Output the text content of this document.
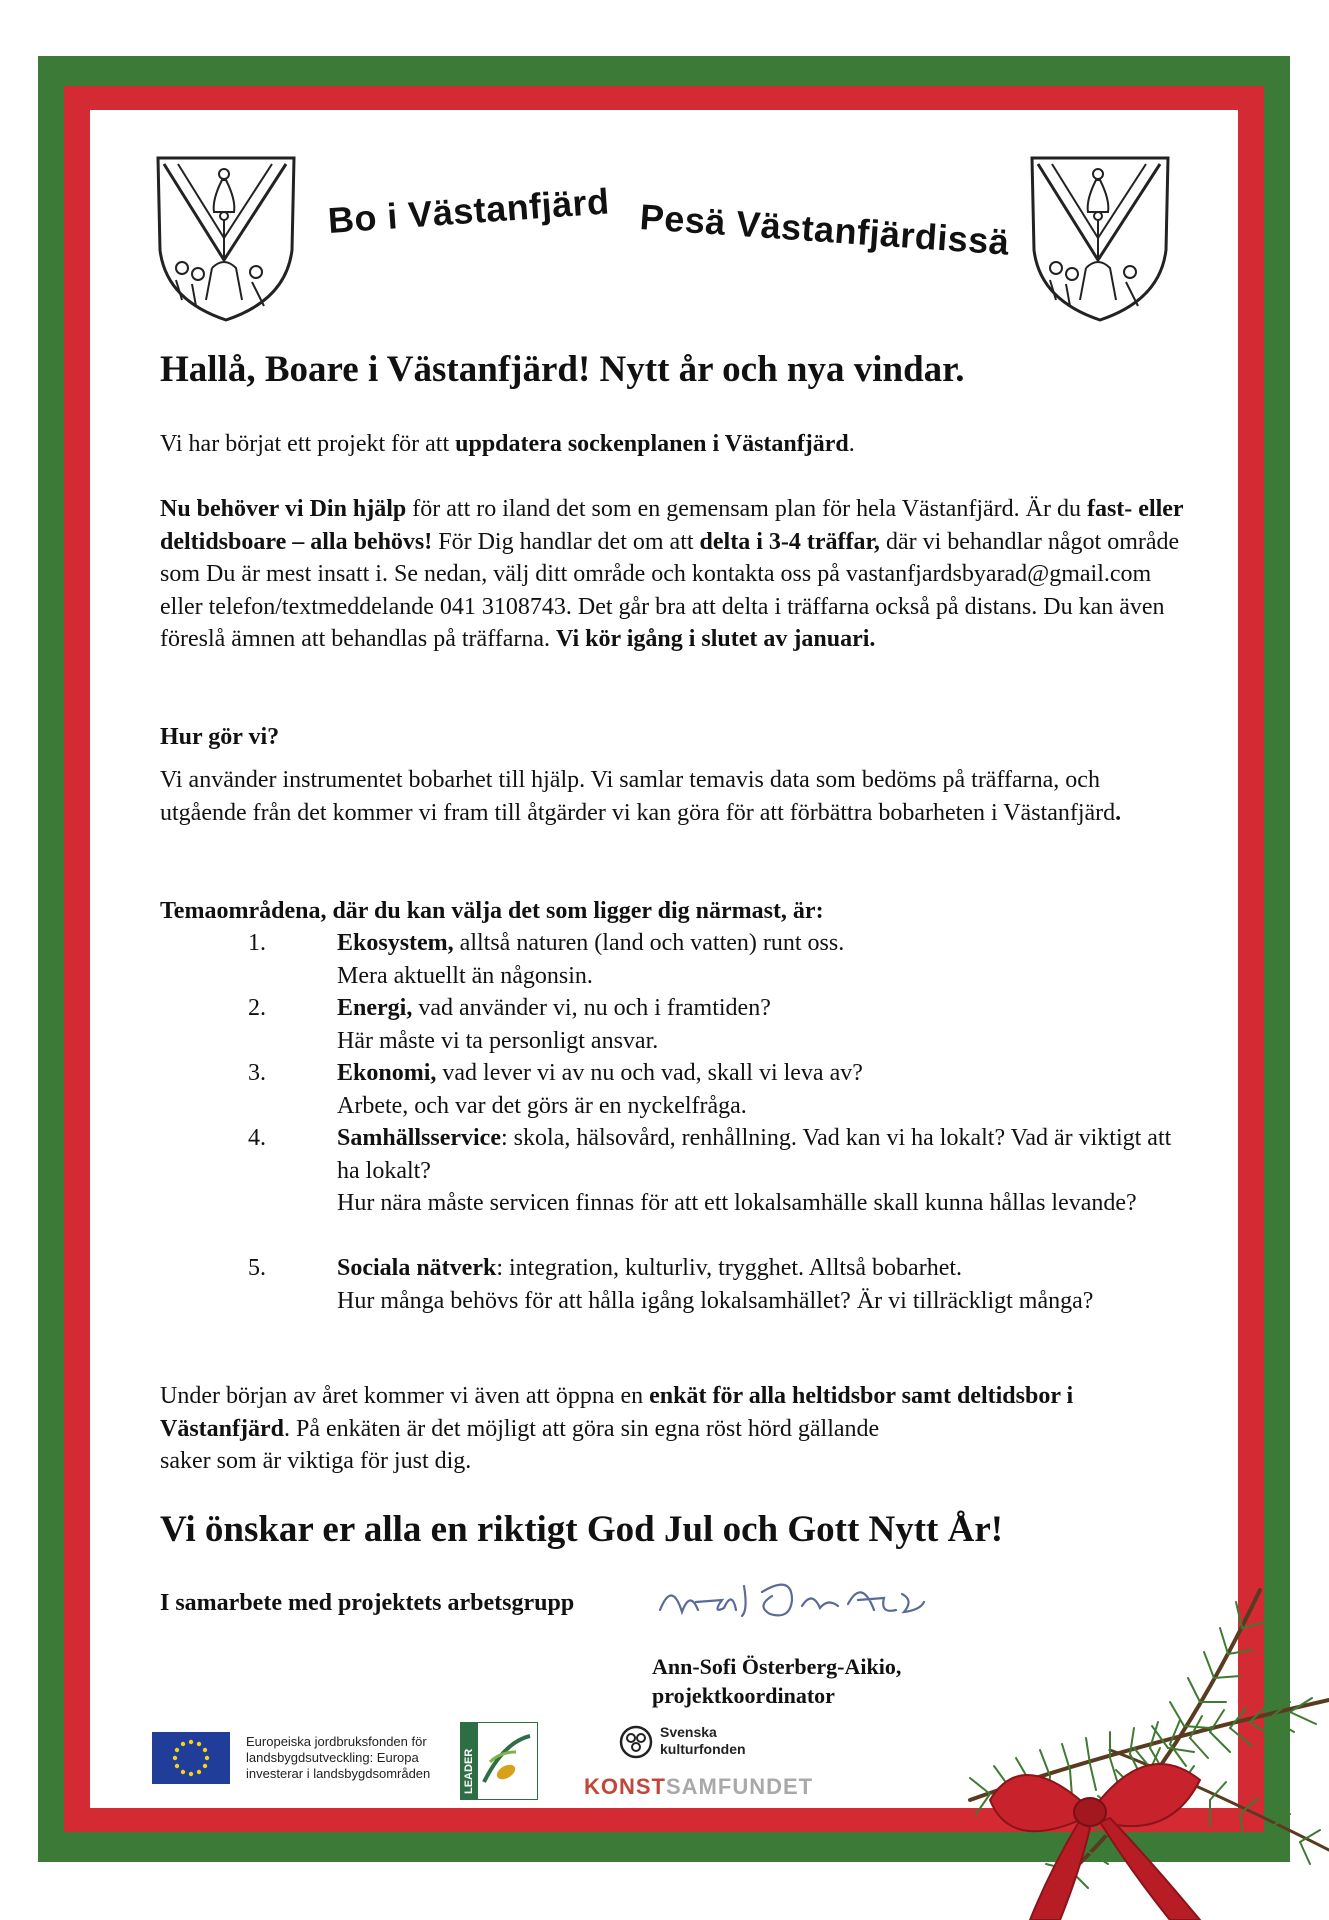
Bo i Västanfjärd Pesä Västanfjärdissä
Hallå, Boare i Västanfjärd! Nytt år och nya vindar.

Vi har börjat ett projekt för att uppdatera sockenplanen i Västanfjärd.

Nu behöver vi Din hjälp för att ro iland det som en gemensam plan för hela Västanfjärd. Är du fast- eller deltidsboare – alla behövs! För Dig handlar det om att delta i 3-4 träffar, där vi behandlar något område som Du är mest insatt i. Se nedan, välj ditt område och kontakta oss på vastanfjardsbyarad@gmail.com eller telefon/textmeddelande 041 3108743. Det går bra att delta i träffarna också på distans. Du kan även föreslå ämnen att behandlas på träffarna. Vi kör igång i slutet av januari.

Hur gör vi?

Vi använder instrumentet bobarhet till hjälp. Vi samlar temavis data som bedöms på träffarna, och utgående från det kommer vi fram till åtgärder vi kan göra för att förbättra bobarheten i Västanfjärd.

Temaområdena, där du kan välja det som ligger dig närmast, är:

1.	Ekosystem, alltså naturen (land och vatten) runt oss.
Mera aktuellt än någonsin.
2.	Energi, vad använder vi, nu och i framtiden?
Här måste vi ta personligt ansvar.
3.	Ekonomi, vad lever vi av nu och vad, skall vi leva av?
Arbete, och var det görs är en nyckelfråga.
4.	Samhällsservice: skola, hälsovård, renhållning. Vad kan vi ha lokalt? Vad är viktigt att ha lokalt?
Hur nära måste servicen finnas för att ett lokalsamhälle skall kunna hållas levande?
5.	Sociala nätverk: integration, kulturliv, trygghet. Alltså bobarhet.
Hur många behövs för att hålla igång lokalsamhället? Är vi tillräckligt många?

Under början av året kommer vi även att öppna en enkät för alla heltidsbor samt deltidsbor i Västanfjärd. På enkäten är det möjligt att göra sin egna röst hörd gällande
saker som är viktiga för just dig.

Vi önskar er alla en riktigt God Jul och Gott Nytt År!
I samarbete med projektets arbetsgrupp
Ann-Sofi Österberg-Aikio,
projektkoordinator
Europeiska jordbruksfonden för
landsbygdsutveckling: Europa
investerar i landsbygdsområden	LEADER
Svenska
kulturfonden
KONSTSAMFUNDET
